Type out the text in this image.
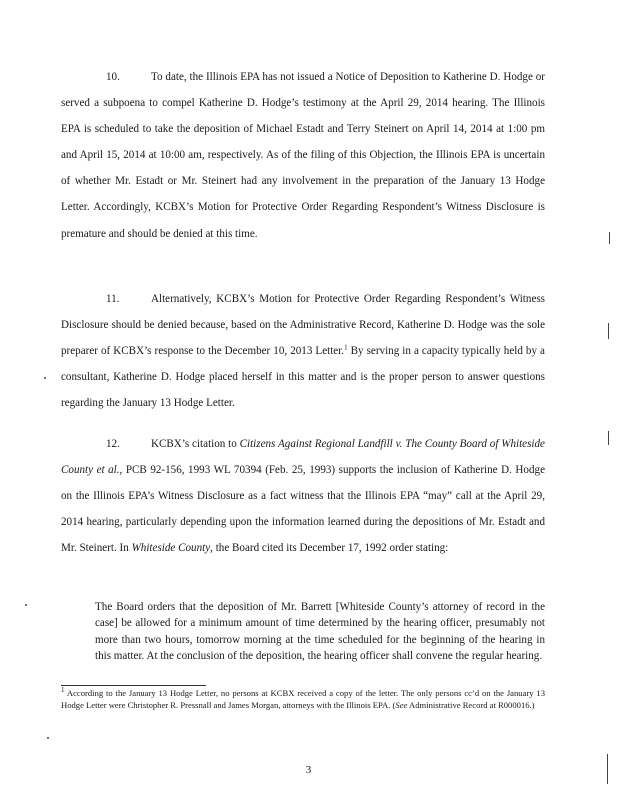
10.	To date, the Illinois EPA has not issued a Notice of Deposition to Katherine D. Hodge or served a subpoena to compel Katherine D. Hodge’s testimony at the April 29, 2014 hearing. The Illinois EPA is scheduled to take the deposition of Michael Estadt and Terry Steinert on April 14, 2014 at 1:00 pm and April 15, 2014 at 10:00 am, respectively. As of the filing of this Objection, the Illinois EPA is uncertain of whether Mr. Estadt or Mr. Steinert had any involvement in the preparation of the January 13 Hodge Letter. Accordingly, KCBX’s Motion for Protective Order Regarding Respondent’s Witness Disclosure is premature and should be denied at this time.

11.	Alternatively, KCBX’s Motion for Protective Order Regarding Respondent’s Witness Disclosure should be denied because, based on the Administrative Record, Katherine D. Hodge was the sole preparer of KCBX’s response to the December 10, 2013 Letter.$^1$ By serving in a capacity typically held by a consultant, Katherine D. Hodge placed herself in this matter and is the proper person to answer questions regarding the January 13 Hodge Letter.

12.	KCBX’s citation to Citizens Against Regional Landfill v. The County Board of Whiteside County et al., PCB 92-156, 1993 WL 70394 (Feb. 25, 1993) supports the inclusion of Katherine D. Hodge on the Illinois EPA’s Witness Disclosure as a fact witness that the Illinois EPA “may” call at the April 29, 2014 hearing, particularly depending upon the information learned during the depositions of Mr. Estadt and Mr. Steinert. In Whiteside County, the Board cited its December 17, 1992 order stating:

The Board orders that the deposition of Mr. Barrett [Whiteside County’s attorney of record in the case] be allowed for a minimum amount of time determined by the hearing officer, presumably not more than two hours, tomorrow morning at the time scheduled for the beginning of the hearing in this matter. At the conclusion of the deposition, the hearing officer shall convene the regular hearing.

$^1$ According to the January 13 Hodge Letter, no persons at KCBX received a copy of the letter. The only persons cc’d on the January 13 Hodge Letter were Christopher R. Pressnall and James Morgan, attorneys with the Illinois EPA. (See Administrative Record at R000016.)

3
